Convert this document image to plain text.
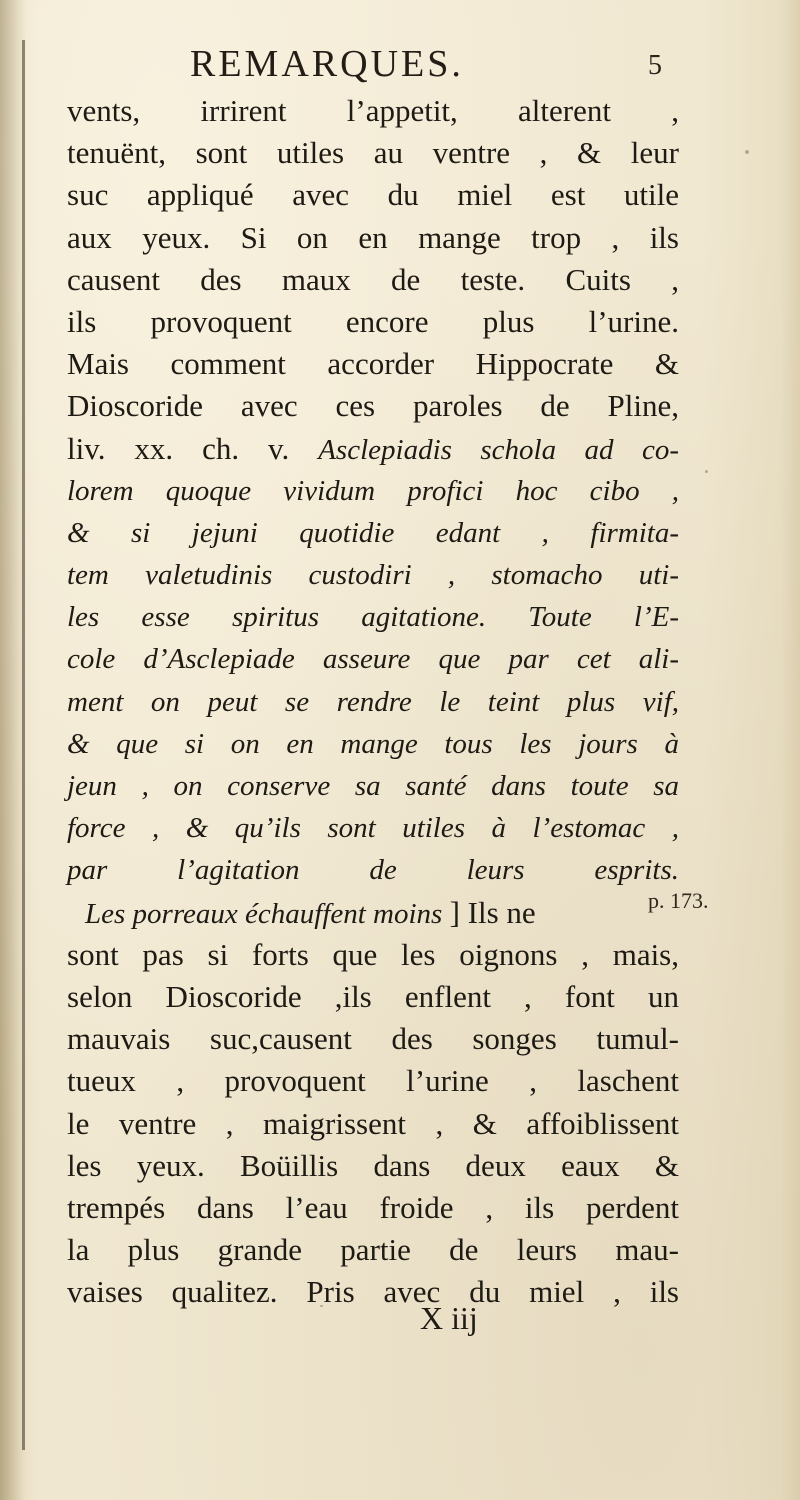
REMARQUES.	5
vents, irrirent l’appetit, alterent ,
tenuënt, sont utiles au ventre , & leur
suc appliqué avec du miel est utile
aux yeux. Si on en mange trop , ils
causent des maux de teste. Cuits ,
ils provoquent encore plus l’urine.
Mais comment accorder Hippocrate &
Dioscoride avec ces paroles de Pline,
liv. xx. ch. v. Asclepiadis schola ad co-
lorem quoque vividum profici hoc cibo ,
& si jejuni quotidie edant , firmita-
tem valetudinis custodiri , stomacho uti-
les esse spiritus agitatione. Toute l’E-
cole d’Asclepiade asseure que par cet ali-
ment on peut se rendre le teint plus vif,
& que si on en mange tous les jours à
jeun , on conserve sa santé dans toute sa
force , & qu’ils sont utiles à l’estomac ,
par l’agitation de leurs esprits.
Les porreaux échauffent moins ] Ils ne
sont pas si forts que les oignons , mais,
selon Dioscoride ,ils enflent , font un
mauvais suc,causent des songes tumul-
tueux , provoquent l’urine , laschent
le ventre , maigrissent , & affoiblissent
les yeux. Boüillis dans deux eaux &
trempés dans l’eau froide , ils perdent
la plus grande partie de leurs mau-
vaises qualitez. Pris avec du miel , ils
p. 173.
X iij
